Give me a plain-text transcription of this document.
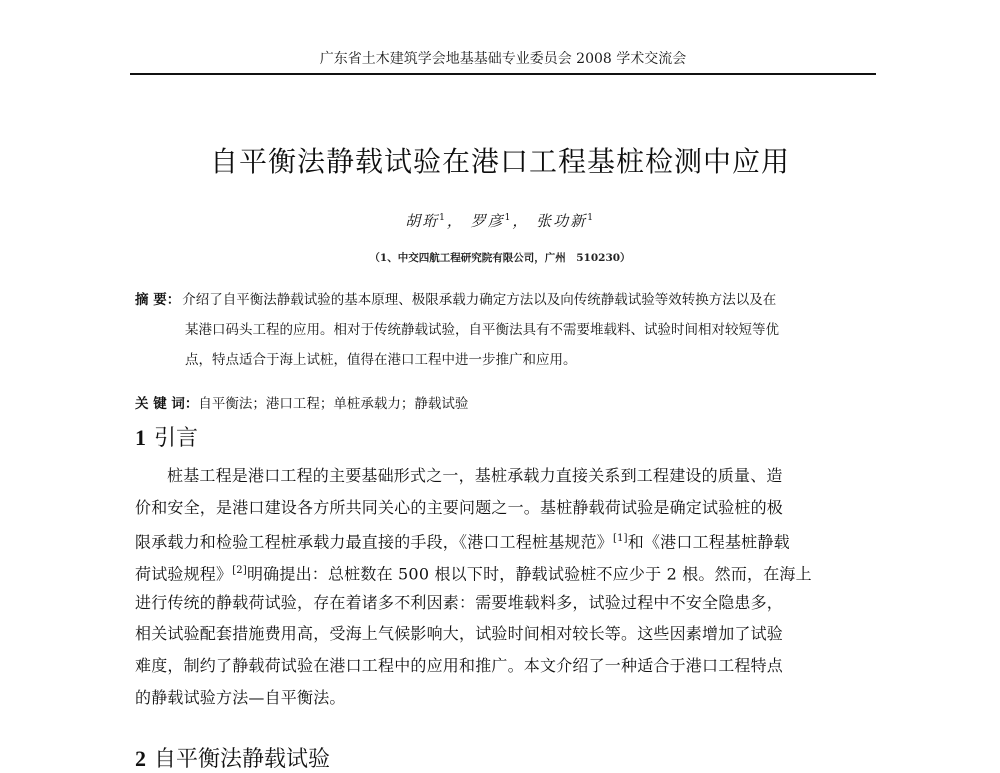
广东省土木建筑学会地基基础专业委员会 2008 学术交流会
自平衡法静载试验在港口工程基桩检测中应用
胡珩$^1$， 罗彦$^1$， 张功新$^1$
（1、中交四航工程研究院有限公司，广州　510230）
摘 要： 介绍了自平衡法静载试验的基本原理、极限承载力确定方法以及向传统静载试验等效转换方法以及在
某港口码头工程的应用。相对于传统静载试验，自平衡法具有不需要堆载料、试验时间相对较短等优
点，特点适合于海上试桩，值得在港口工程中进一步推广和应用。
关 键 词：自平衡法；港口工程；单桩承载力；静载试验
1 引言
桩基工程是港口工程的主要基础形式之一，基桩承载力直接关系到工程建设的质量、造
价和安全，是港口建设各方所共同关心的主要问题之一。基桩静载荷试验是确定试验桩的极
限承载力和检验工程桩承载力最直接的手段，《港口工程桩基规范》[1]和《港口工程基桩静载
荷试验规程》[2]明确提出：总桩数在 500 根以下时，静载试验桩不应少于 2 根。然而，在海上
进行传统的静载荷试验，存在着诸多不利因素：需要堆载料多，试验过程中不安全隐患多，
相关试验配套措施费用高，受海上气候影响大，试验时间相对较长等。这些因素增加了试验
难度，制约了静载荷试验在港口工程中的应用和推广。本文介绍了一种适合于港口工程特点
的静载试验方法—自平衡法。
2 自平衡法静载试验
